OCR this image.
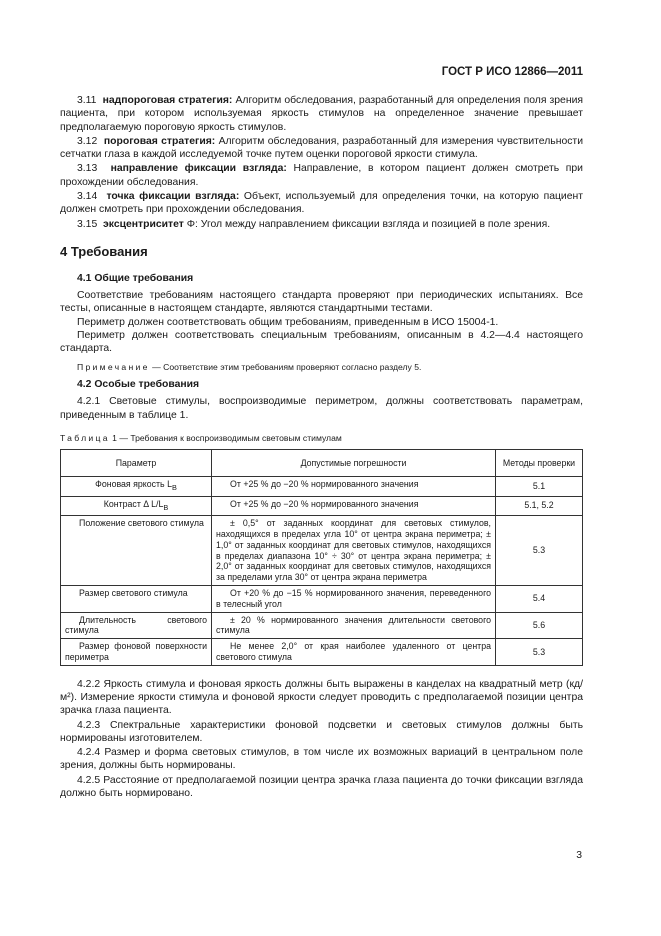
ГОСТ Р ИСО 12866—2011

3.11 надпороговая стратегия: Алгоритм обследования, разработанный для определения поля зрения пациента, при котором используемая яркость стимулов на определенное значение превышает предполагаемую пороговую яркость стимулов.

3.12 пороговая стратегия: Алгоритм обследования, разработанный для измерения чувствительности сетчатки глаза в каждой исследуемой точке путем оценки пороговой яркости стимула.

3.13 направление фиксации взгляда: Направление, в котором пациент должен смотреть при прохождении обследования.

3.14 точка фиксации взгляда: Объект, используемый для определения точки, на которую пациент должен смотреть при прохождении обследования.

3.15 эксцентриситет Φ: Угол между направлением фиксации взгляда и позицией в поле зрения.

4 Требования
4.1 Общие требования

Соответствие требованиям настоящего стандарта проверяют при периодических испытаниях. Все тесты, описанные в настоящем стандарте, являются стандартными тестами.

Периметр должен соответствовать общим требованиям, приведенным в ИСО 15004-1.

Периметр должен соответствовать специальным требованиям, описанным в 4.2—4.4 настоящего стандарта.

Примечание — Соответствие этим требованиям проверяют согласно разделу 5.
4.2 Особые требования

4.2.1 Световые стимулы, воспроизводимые периметром, должны соответствовать параметрам, приведенным в таблице 1.

Таблица 1 — Требования к воспроизводимым световым стимулам
Параметр	Допустимые погрешности	Методы проверки
Фоновая яркость $L_B$	От +25 % до −20 % нормированного значения	5.1
Контраст Δ $L/L_B$	От +25 % до −20 % нормированного значения	5.1, 5.2
Положение светового стимула	± 0,5° от заданных координат для световых стимулов, находящихся в пределах угла 10° от центра экрана периметра; ± 1,0° от заданных координат для световых стимулов, находящихся в пределах диапазона 10° ÷ 30° от центра экрана периметра; ± 2,0° от заданных координат для световых стимулов, находящихся за пределами угла 30° от центра экрана периметра	5.3
Размер светового стимула	От +20 % до −15 % нормированного значения, переведенного в телесный угол	5.4
Длительность светового стимула	± 20 % нормированного значения длительности светового стимула	5.6
Размер фоновой поверхности периметра	Не менее 2,0° от края наиболее удаленного от центра светового стимула	5.3

4.2.2 Яркость стимула и фоновая яркость должны быть выражены в канделах на квадратный метр (кд/м²). Измерение яркости стимула и фоновой яркости следует проводить с предполагаемой позиции центра зрачка глаза пациента.

4.2.3 Спектральные характеристики фоновой подсветки и световых стимулов должны быть нормированы изготовителем.

4.2.4 Размер и форма световых стимулов, в том числе их возможных вариаций в центральном поле зрения, должны быть нормированы.

4.2.5 Расстояние от предполагаемой позиции центра зрачка глаза пациента до точки фиксации взгляда должно быть нормировано.

3
